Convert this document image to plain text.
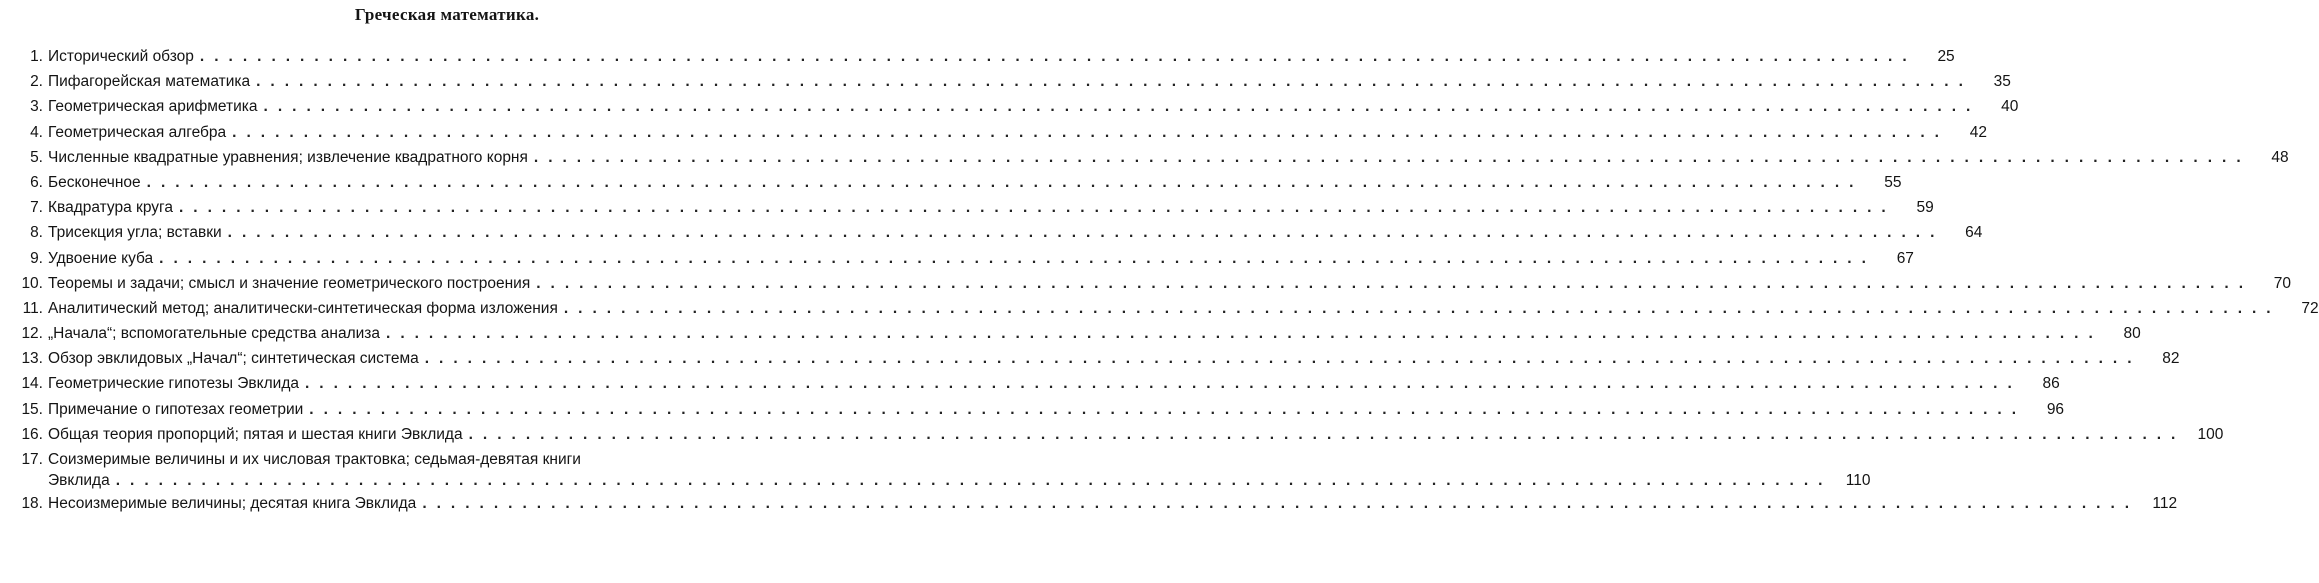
Греческая математика.
1. Исторический обзор ........................................................................................................................	25
2. Пифагорейская математика ........................................................................................................................	35
3. Геометрическая арифметика ........................................................................................................................	40
4. Геометрическая алгебра ........................................................................................................................	42
5. Численные квадратные уравнения; извлечение квадратного корня ........................................................................................................................	48
6. Бесконечное ........................................................................................................................	55
7. Квадратура круга ........................................................................................................................	59
8. Трисекция угла; вставки ........................................................................................................................	64
9. Удвоение куба ........................................................................................................................	67
10. Теоремы и задачи; смысл и значение геометрического построения ........................................................................................................................	70
11. Аналитический метод; аналитически-синтетическая форма изложения ........................................................................................................................	72
12. „Начала“; вспомогательные средства анализа ........................................................................................................................	80
13. Обзор эвклидовых „Начал“; синтетическая система ........................................................................................................................	82
14. Геометрические гипотезы Эвклида ........................................................................................................................	86
15. Примечание о гипотезах геометрии ........................................................................................................................	96
16. Общая теория пропорций; пятая и шестая книги Эвклида ........................................................................................................................ 100
17. Соизмеримые величины и их числовая трактовка; седьмая-девятая книги
Эвклида ........................................................................................................................ 110
18. Несоизмеримые величины; десятая книга Эвклида ........................................................................................................................ 112
